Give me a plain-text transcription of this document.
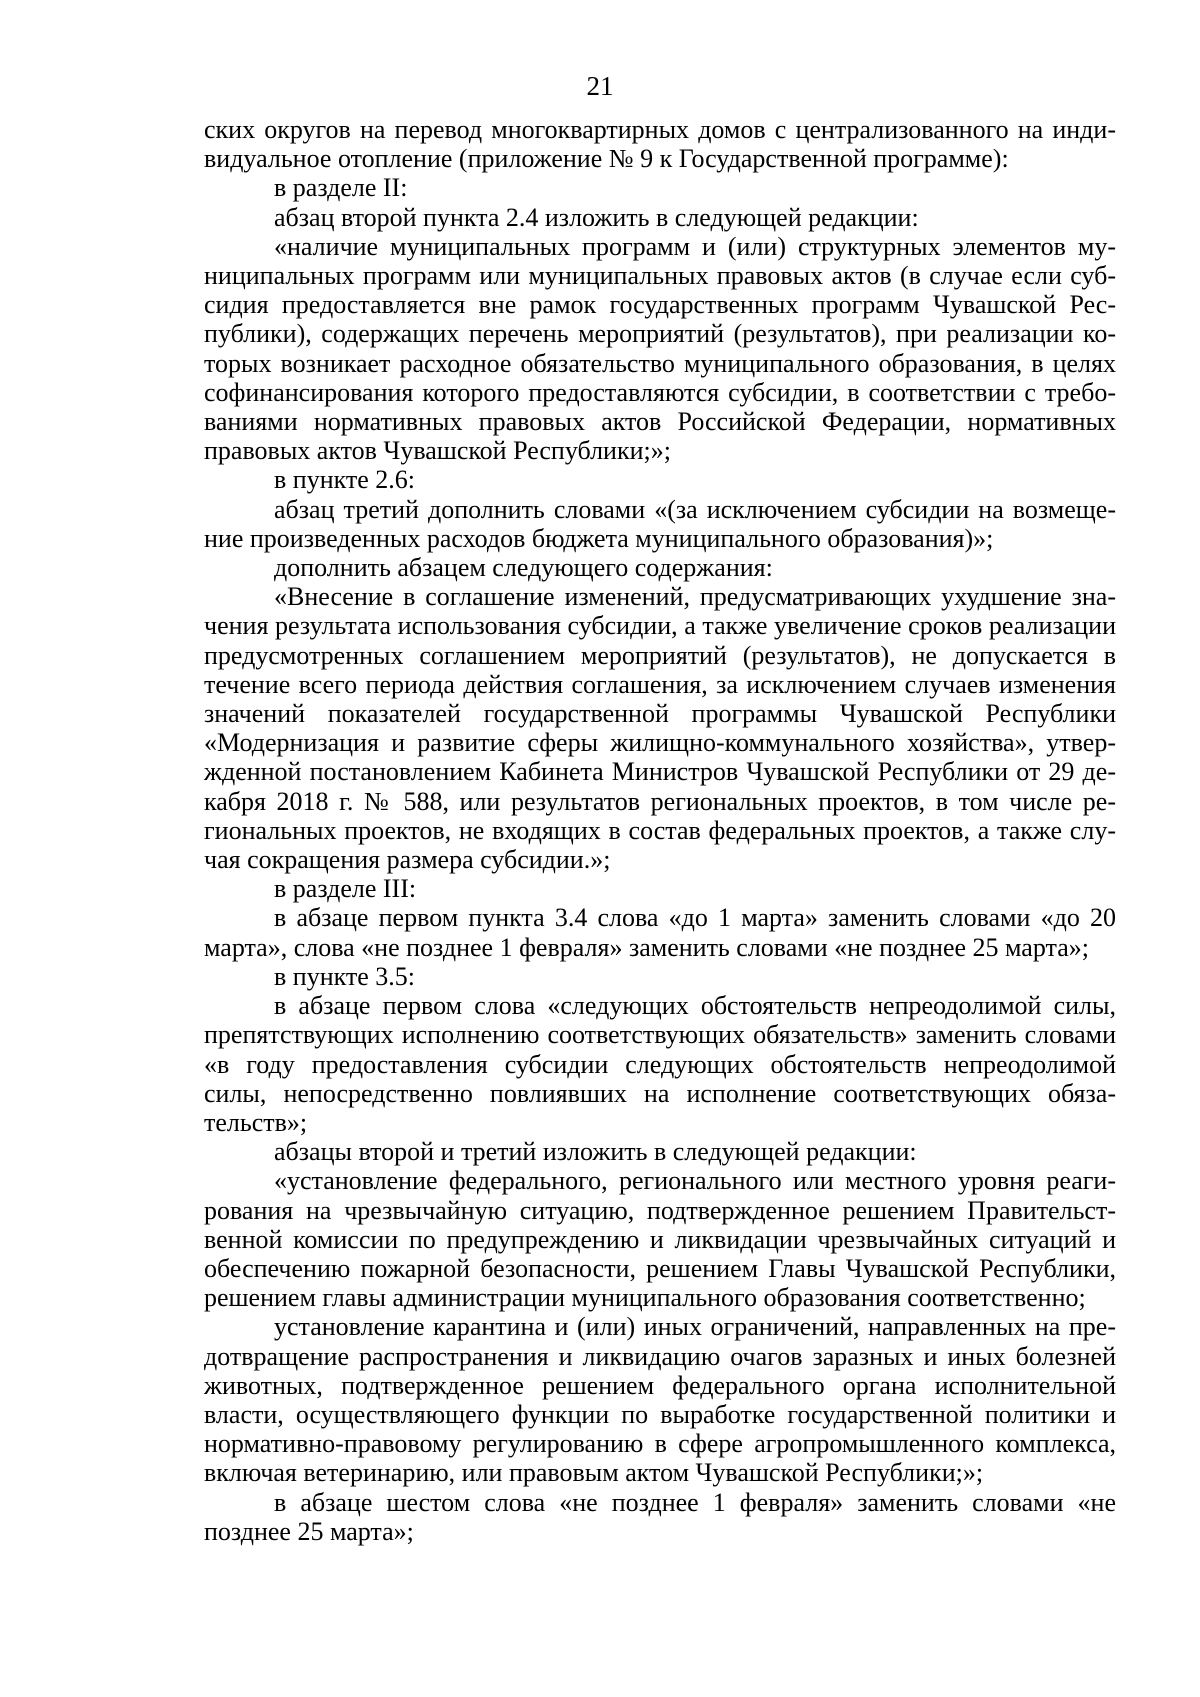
21

ских округов на перевод многоквартирных домов с централизованного на индивидуальное отопление (приложение № 9 к Государственной программе):

в разделе II:

абзац второй пункта 2.4 изложить в следующей редакции:

«наличие муниципальных программ и (или) структурных элементов муниципальных программ или муниципальных правовых актов (в случае если субсидия предоставляется вне рамок государственных программ Чувашской Республики), содержащих перечень мероприятий (результатов), при реализации которых возникает расходное обязательство муниципального образования, в целях софинансирования которого предоставляются субсидии, в соответствии с требованиями нормативных правовых актов Российской Федерации, нормативных правовых актов Чувашской Республики;»;

в пункте 2.6:

абзац третий дополнить словами «(за исключением субсидии на возмещение произведенных расходов бюджета муниципального образования)»;

дополнить абзацем следующего содержания:

«Внесение в соглашение изменений, предусматривающих ухудшение значения результата использования субсидии, а также увеличение сроков реализации предусмотренных соглашением мероприятий (результатов), не допускается в течение всего периода действия соглашения, за исключением случаев изменения значений показателей государственной программы Чувашской Республики «Модернизация и развитие сферы жилищно-коммунального хозяйства», утвержденной постановлением Кабинета Министров Чувашской Республики от 29 декабря 2018 г. № 588, или результатов региональных проектов, в том числе региональных проектов, не входящих в состав федеральных проектов, а также случая сокращения размера субсидии.»;

в разделе III:

в абзаце первом пункта 3.4 слова «до 1 марта» заменить словами «до 20 марта», слова «не позднее 1 февраля» заменить словами «не позднее 25 марта»;

в пункте 3.5:

в абзаце первом слова «следующих обстоятельств непреодолимой силы, препятствующих исполнению соответствующих обязательств» заменить словами «в году предоставления субсидии следующих обстоятельств непреодолимой силы, непосредственно повлиявших на исполнение соответствующих обязательств»;

абзацы второй и третий изложить в следующей редакции:

«установление федерального, регионального или местного уровня реагирования на чрезвычайную ситуацию, подтвержденное решением Правительственной комиссии по предупреждению и ликвидации чрезвычайных ситуаций и обеспечению пожарной безопасности, решением Главы Чувашской Республики, решением главы администрации муниципального образования соответственно;

установление карантина и (или) иных ограничений, направленных на предотвращение распространения и ликвидацию очагов заразных и иных болезней животных, подтвержденное решением федерального органа исполнительной власти, осуществляющего функции по выработке государственной политики и нормативно-правовому регулированию в сфере агропромышленного комплекса, включая ветеринарию, или правовым актом Чувашской Республики;»;

в абзаце шестом слова «не позднее 1 февраля» заменить словами «не позднее 25 марта»;
